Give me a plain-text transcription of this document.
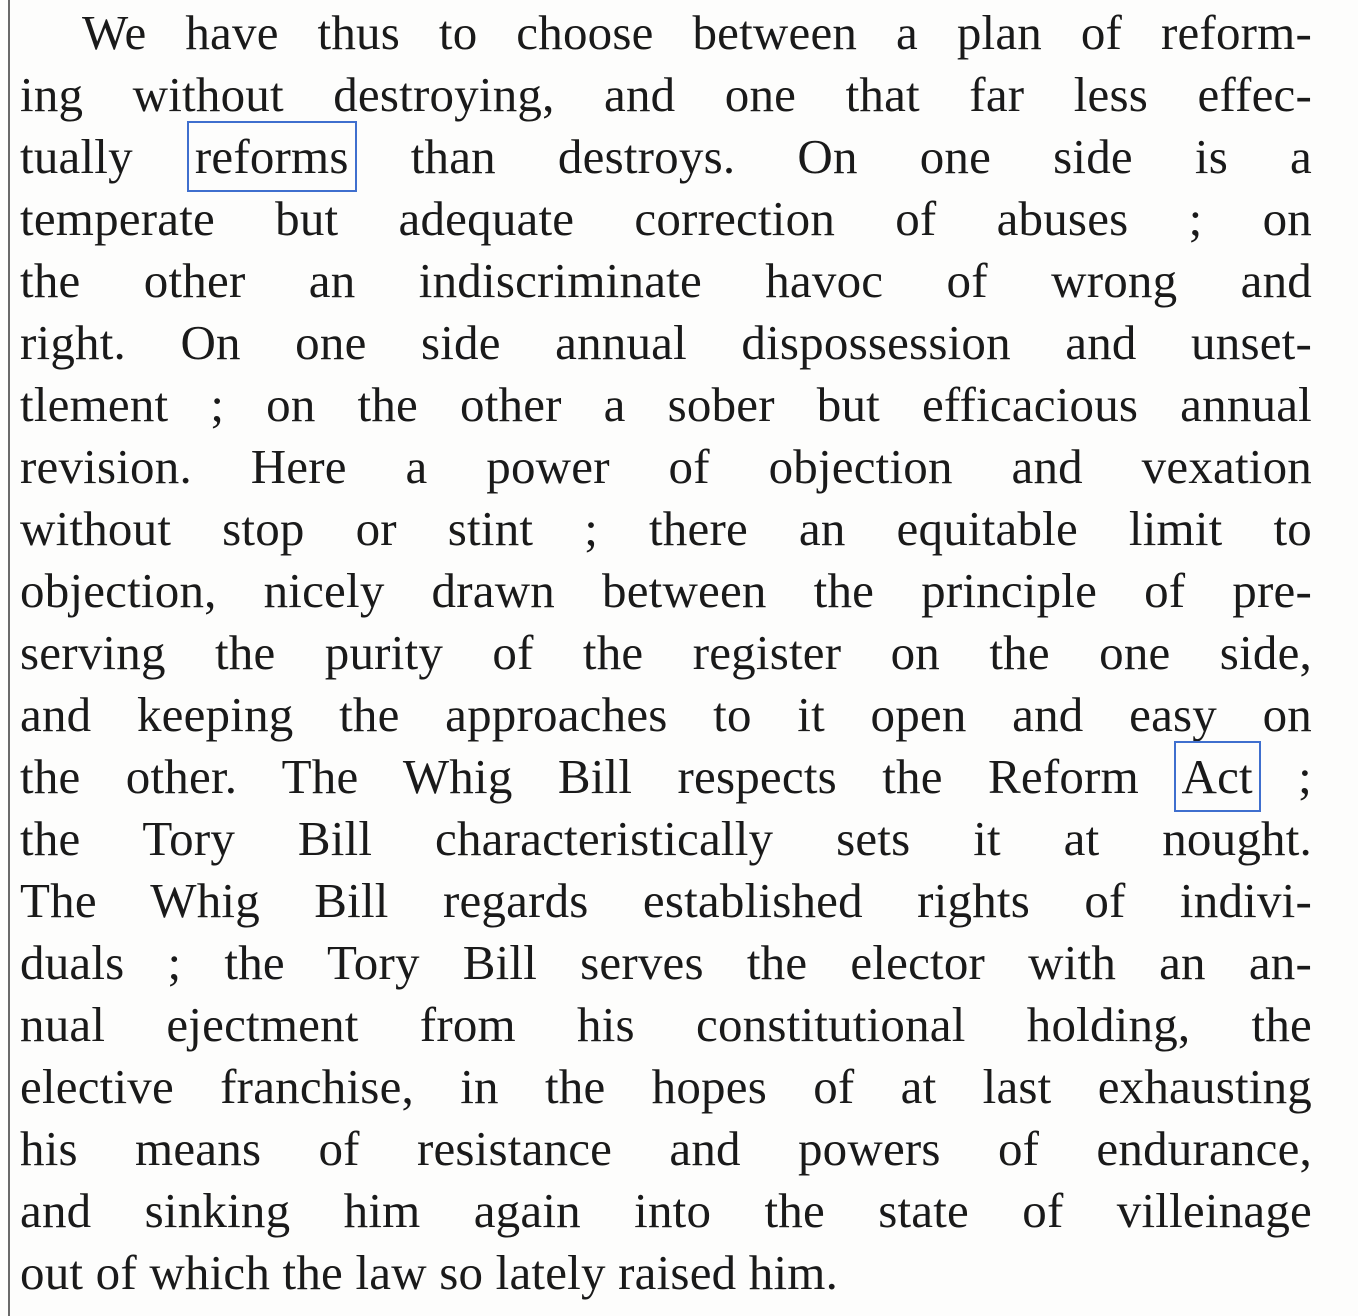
We have thus to choose between a plan of reform-
ing without destroying, and one that far less effec-
tually reforms than destroys. On one side is a
temperate but adequate correction of abuses ; on
the other an indiscriminate havoc of wrong and
right. On one side annual dispossession and unset-
tlement ; on the other a sober but efficacious annual
revision. Here a power of objection and vexation
without stop or stint ; there an equitable limit to
objection, nicely drawn between the principle of pre-
serving the purity of the register on the one side,
and keeping the approaches to it open and easy on
the other. The Whig Bill respects the Reform Act ;
the Tory Bill characteristically sets it at nought.
The Whig Bill regards established rights of indivi-
duals ; the Tory Bill serves the elector with an an-
nual ejectment from his constitutional holding, the
elective franchise, in the hopes of at last exhausting
his means of resistance and powers of endurance,
and sinking him again into the state of villeinage
out of which the law so lately raised him.
